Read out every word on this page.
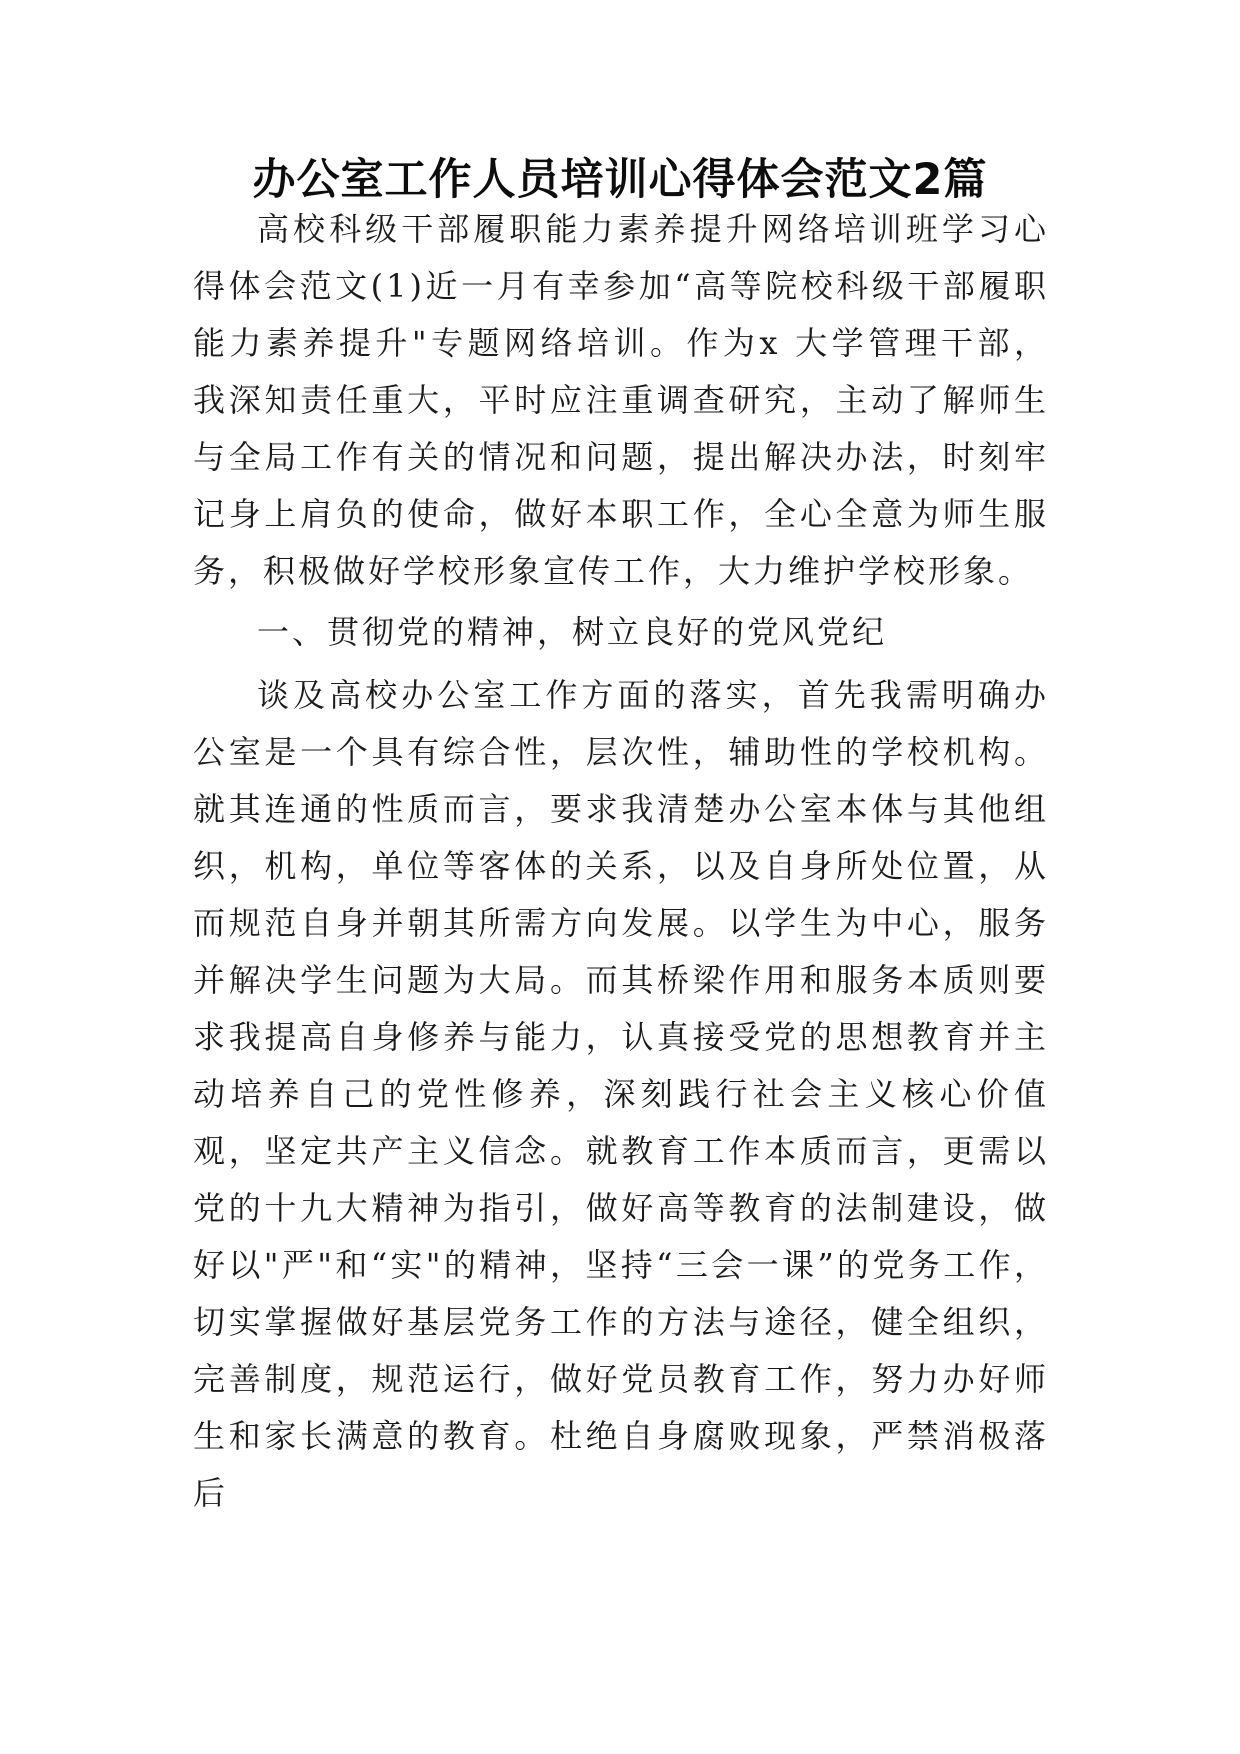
办公室工作人员培训心得体会范文2篇

高校科级干部履职能力素养提升网络培训班学习心得体会范文(1)近一月有幸参加“高等院校科级干部履职能力素养提升"专题网络培训。作为x 大学管理干部，我深知责任重大，平时应注重调查研究，主动了解师生与全局工作有关的情况和问题，提出解决办法，时刻牢记身上肩负的使命，做好本职工作，全心全意为师生服务，积极做好学校形象宣传工作，大力维护学校形象。

一、贯彻党的精神，树立良好的党风党纪

谈及高校办公室工作方面的落实，首先我需明确办公室是一个具有综合性，层次性，辅助性的学校机构。就其连通的性质而言，要求我清楚办公室本体与其他组织，机构，单位等客体的关系，以及自身所处位置，从而规范自身并朝其所需方向发展。以学生为中心，服务并解决学生问题为大局。而其桥梁作用和服务本质则要求我提高自身修养与能力，认真接受党的思想教育并主动培养自己的党性修养，深刻践行社会主义核心价值观，坚定共产主义信念。就教育工作本质而言，更需以党的十九大精神为指引，做好高等教育的法制建设，做好以"严"和“实"的精神，坚持“三会一课”的党务工作，切实掌握做好基层党务工作的方法与途径，健全组织，完善制度，规范运行，做好党员教育工作，努力办好师生和家长满意的教育。杜绝自身腐败现象，严禁消极落后
